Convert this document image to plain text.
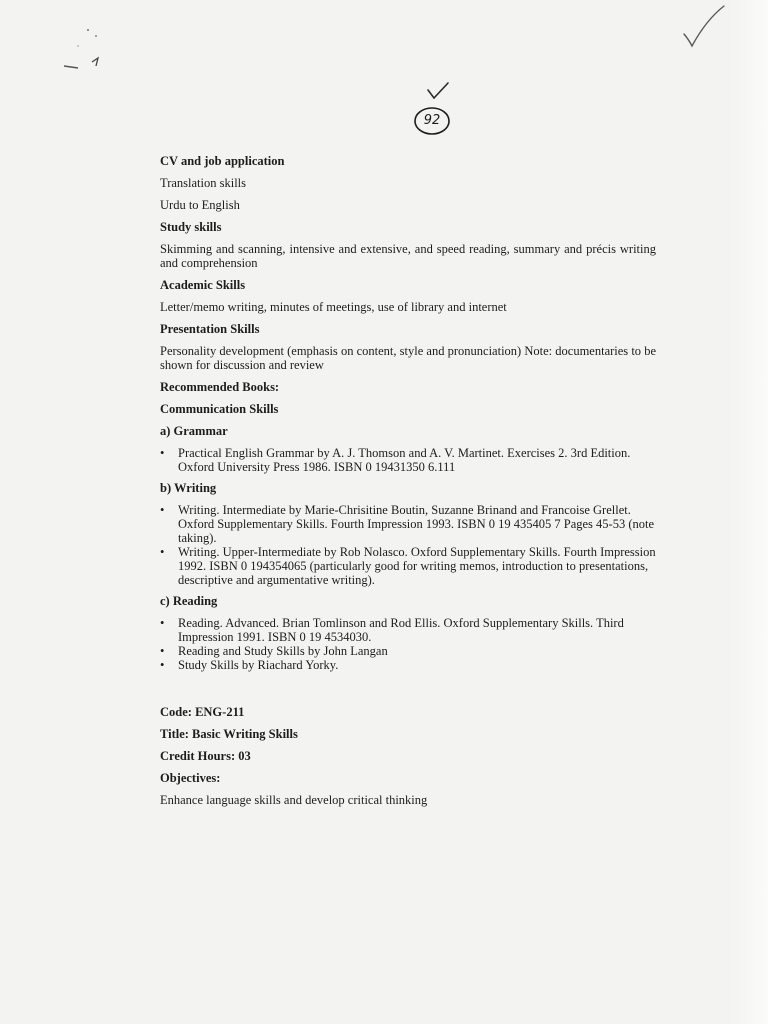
92
CV and job application
Translation skills
Urdu to English
Study skills
Skimming and scanning, intensive and extensive, and speed reading, summary and précis writing and comprehension
Academic Skills
Letter/memo writing, minutes of meetings, use of library and internet
Presentation Skills
Personality development (emphasis on content, style and pronunciation) Note: documentaries to be shown for discussion and review
Recommended Books:
Communication Skills
a) Grammar
• Practical English Grammar by A. J. Thomson and A. V. Martinet. Exercises 2. 3rd Edition. Oxford University Press 1986. ISBN 0 19431350 6.111
b) Writing
• Writing. Intermediate by Marie-Chrisitine Boutin, Suzanne Brinand and Francoise Grellet. Oxford Supplementary Skills. Fourth Impression 1993. ISBN 0 19 435405 7 Pages 45-53 (note taking).
• Writing. Upper-Intermediate by Rob Nolasco. Oxford Supplementary Skills. Fourth Impression 1992. ISBN 0 194354065 (particularly good for writing memos, introduction to presentations, descriptive and argumentative writing).
c) Reading
• Reading. Advanced. Brian Tomlinson and Rod Ellis. Oxford Supplementary Skills. Third Impression 1991. ISBN 0 19 4534030.
• Reading and Study Skills by John Langan
• Study Skills by Riachard Yorky.
Code: ENG-211
Title: Basic Writing Skills
Credit Hours: 03
Objectives:
Enhance language skills and develop critical thinking
